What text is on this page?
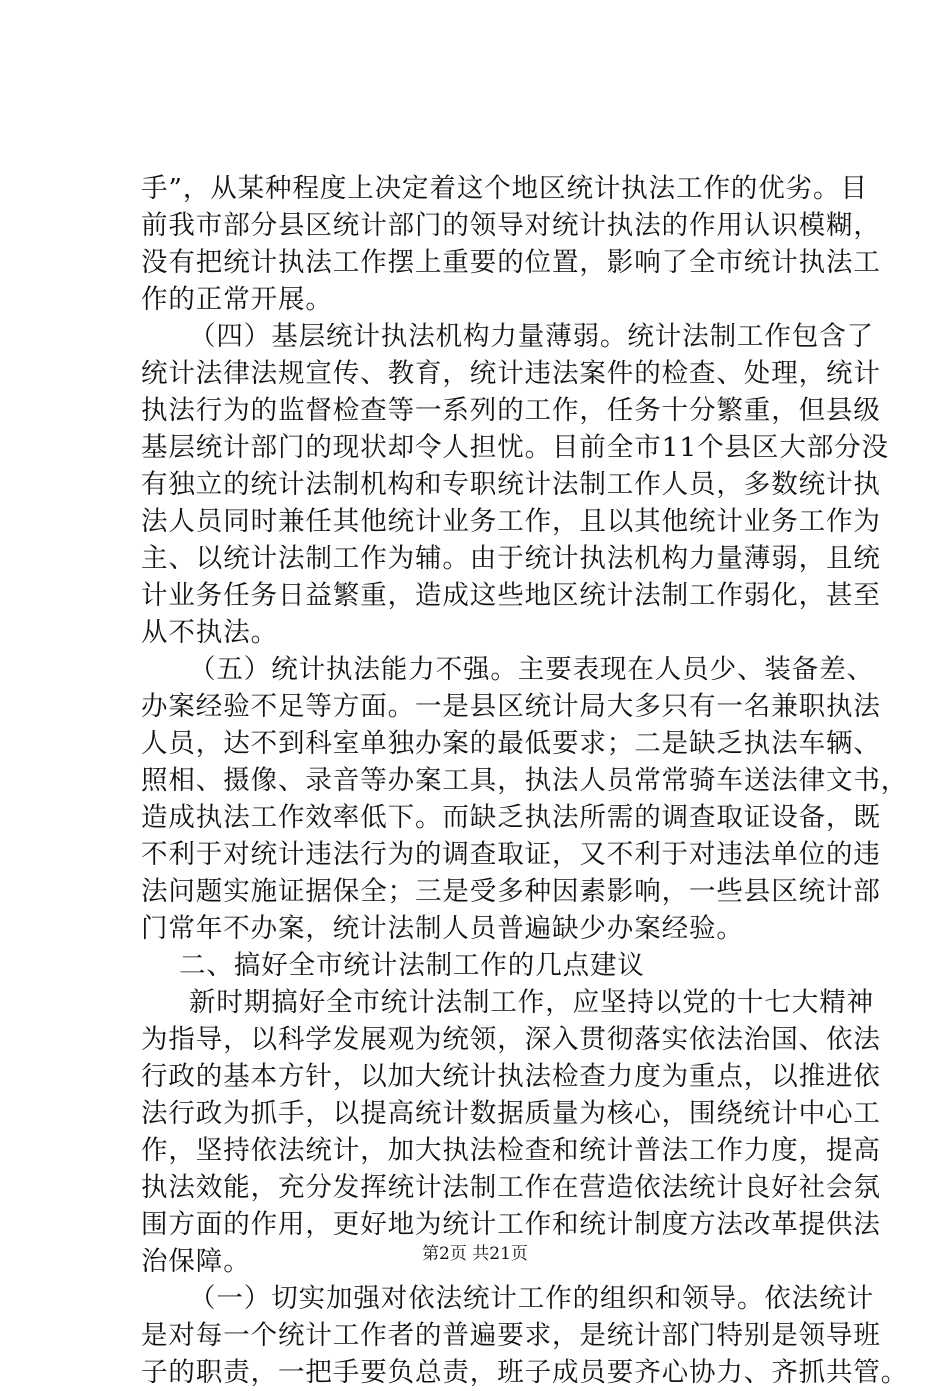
手”，从某种程度上决定着这个地区统计执法工作的优劣。目
前我市部分县区统计部门的领导对统计执法的作用认识模糊，
没有把统计执法工作摆上重要的位置，影响了全市统计执法工
作的正常开展。
（四）基层统计执法机构力量薄弱。统计法制工作包含了
统计法律法规宣传、教育，统计违法案件的检查、处理，统计
执法行为的监督检查等一系列的工作，任务十分繁重，但县级
基层统计部门的现状却令人担忧。目前全市11个县区大部分没
有独立的统计法制机构和专职统计法制工作人员，多数统计执
法人员同时兼任其他统计业务工作，且以其他统计业务工作为
主、以统计法制工作为辅。由于统计执法机构力量薄弱，且统
计业务任务日益繁重，造成这些地区统计法制工作弱化，甚至
从不执法。
（五）统计执法能力不强。主要表现在人员少、装备差、
办案经验不足等方面。一是县区统计局大多只有一名兼职执法
人员，达不到科室单独办案的最低要求；二是缺乏执法车辆、
照相、摄像、录音等办案工具，执法人员常常骑车送法律文书，
造成执法工作效率低下。而缺乏执法所需的调查取证设备，既
不利于对统计违法行为的调查取证，又不利于对违法单位的违
法问题实施证据保全；三是受多种因素影响，一些县区统计部
门常年不办案，统计法制人员普遍缺少办案经验。
二、搞好全市统计法制工作的几点建议
新时期搞好全市统计法制工作，应坚持以党的十七大精神
为指导，以科学发展观为统领，深入贯彻落实依法治国、依法
行政的基本方针，以加大统计执法检查力度为重点，以推进依
法行政为抓手，以提高统计数据质量为核心，围绕统计中心工
作，坚持依法统计，加大执法检查和统计普法工作力度，提高
执法效能，充分发挥统计法制工作在营造依法统计良好社会氛
围方面的作用，更好地为统计工作和统计制度方法改革提供法
治保障。
（一）切实加强对依法统计工作的组织和领导。依法统计
是对每一个统计工作者的普遍要求，是统计部门特别是领导班
子的职责，一把手要负总责，班子成员要齐心协力、齐抓共管。
第2页 共21页
